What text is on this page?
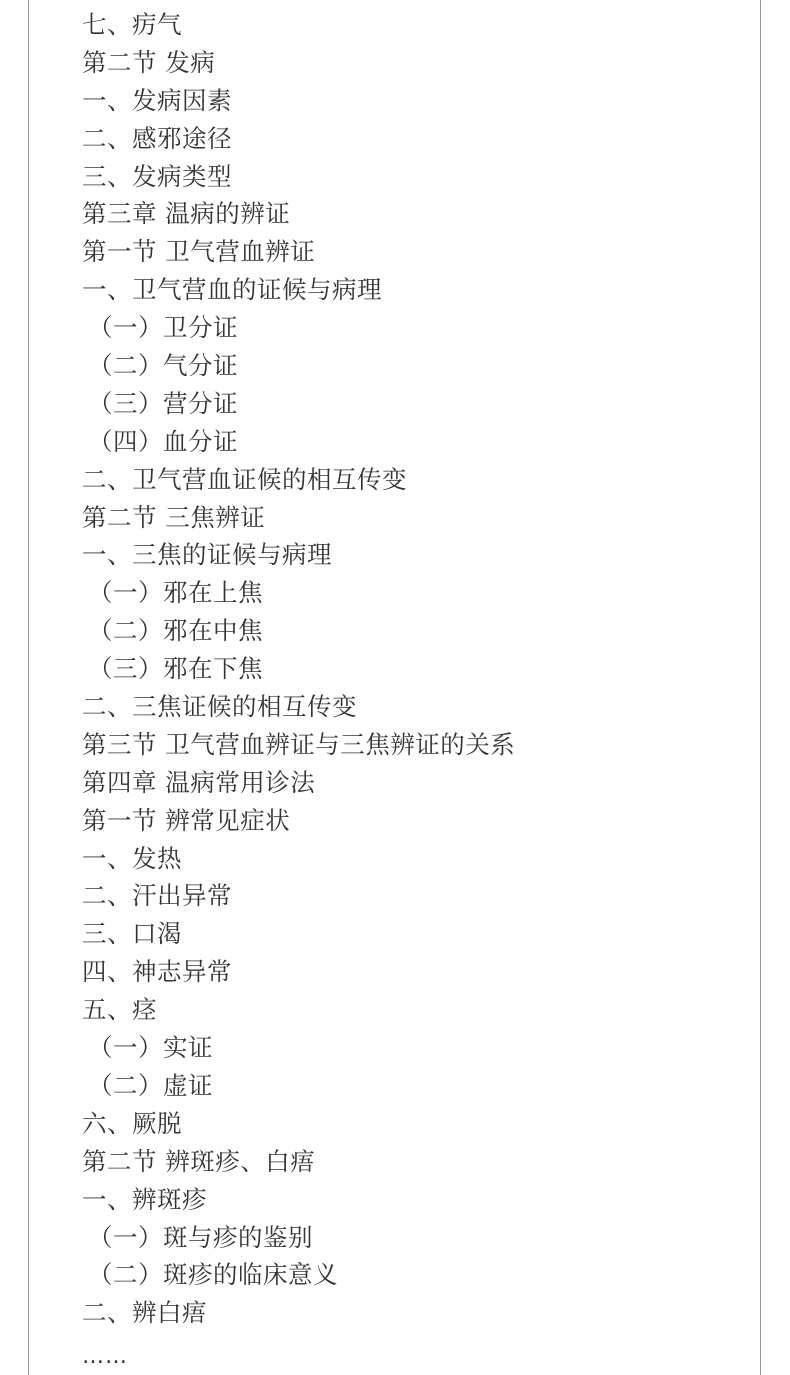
七、疠气
第二节 发病
一、发病因素
二、感邪途径
三、发病类型
第三章 温病的辨证
第一节 卫气营血辨证
一、卫气营血的证候与病理
（一）卫分证
（二）气分证
（三）营分证
（四）血分证
二、卫气营血证候的相互传变
第二节 三焦辨证
一、三焦的证候与病理
（一）邪在上焦
（二）邪在中焦
（三）邪在下焦
二、三焦证候的相互传变
第三节 卫气营血辨证与三焦辨证的关系
第四章 温病常用诊法
第一节 辨常见症状
一、发热
二、汗出异常
三、口渴
四、神志异常
五、痉
（一）实证
（二）虚证
六、厥脱
第二节 辨斑疹、白痦
一、辨斑疹
（一）斑与疹的鉴别
（二）斑疹的临床意义
二、辨白痦
……
